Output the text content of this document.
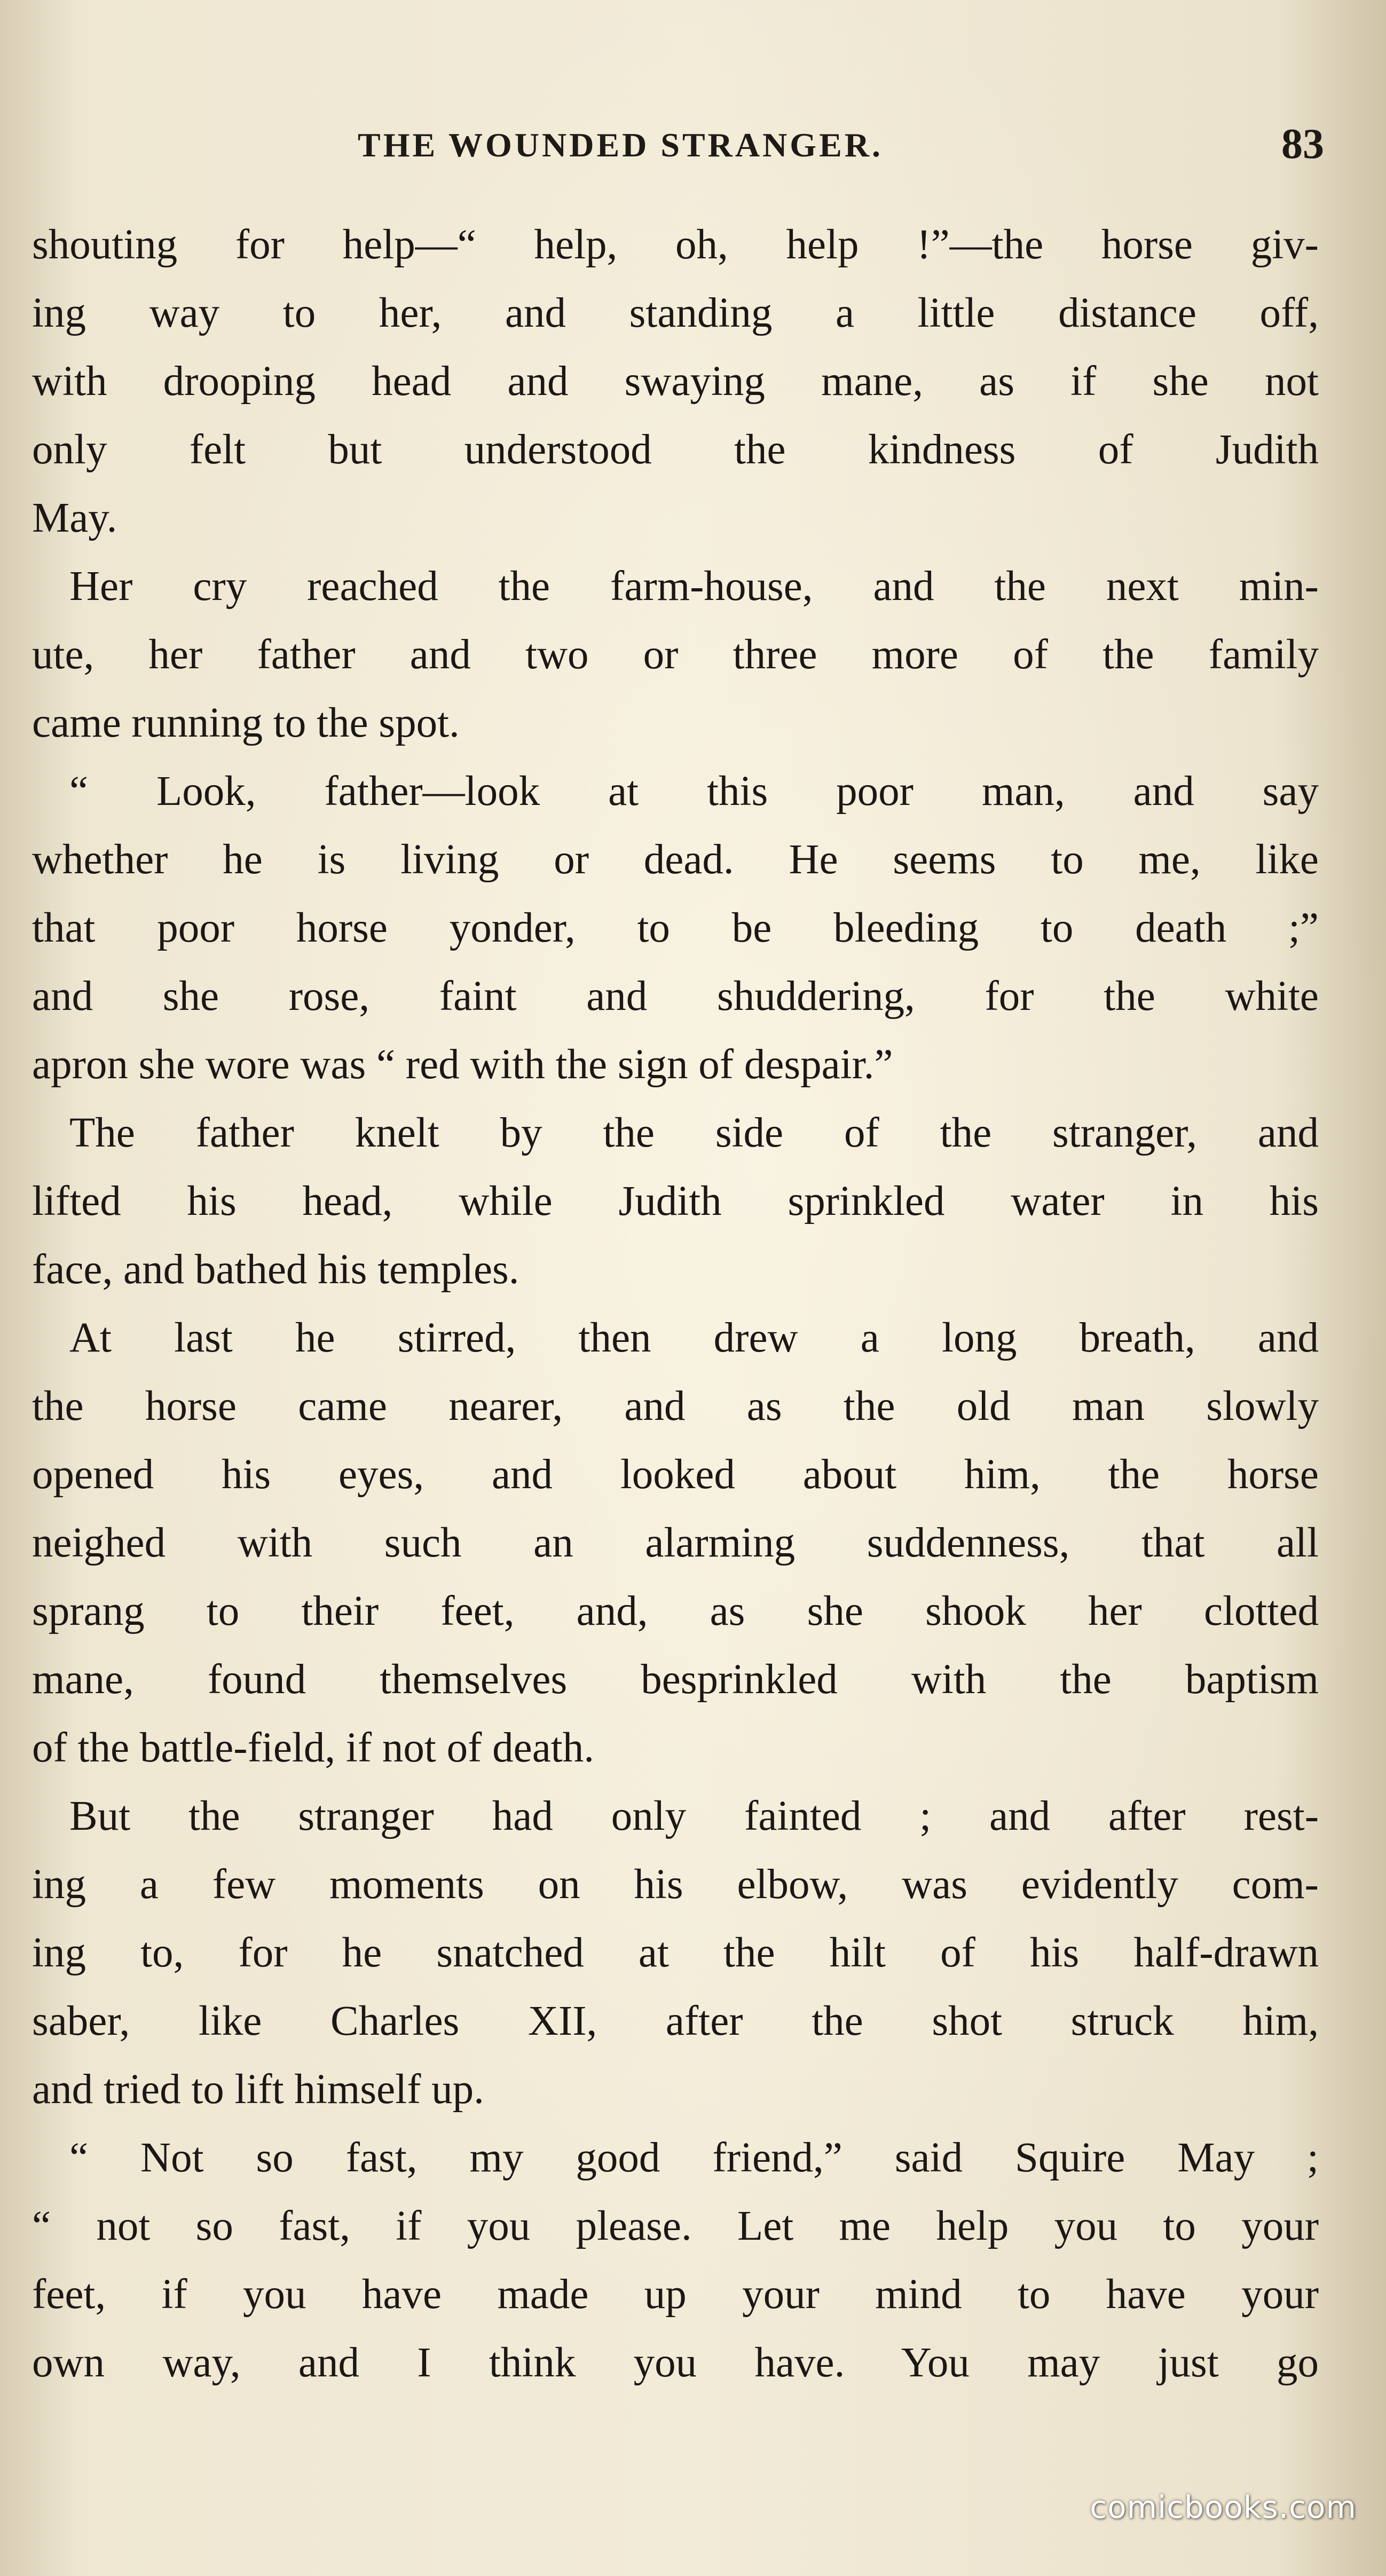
THE WOUNDED STRANGER.	83

shouting for help—“ help, oh, help !”—the horse giv-
ing way to her, and standing a little distance off,
with drooping head and swaying mane, as if she not
only felt but understood the kindness of Judith
May.

Her cry reached the farm-house, and the next min-
ute, her father and two or three more of the family
came running to the spot.

“ Look, father—look at this poor man, and say
whether he is living or dead. He seems to me, like
that poor horse yonder, to be bleeding to death ;”
and she rose, faint and shuddering, for the white
apron she wore was “ red with the sign of despair.”

The father knelt by the side of the stranger, and
lifted his head, while Judith sprinkled water in his
face, and bathed his temples.

At last he stirred, then drew a long breath, and
the horse came nearer, and as the old man slowly
opened his eyes, and looked about him, the horse
neighed with such an alarming suddenness, that all
sprang to their feet, and, as she shook her clotted
mane, found themselves besprinkled with the baptism
of the battle-field, if not of death.

But the stranger had only fainted ; and after rest-
ing a few moments on his elbow, was evidently com-
ing to, for he snatched at the hilt of his half-drawn
saber, like Charles XII, after the shot struck him,
and tried to lift himself up.

“ Not so fast, my good friend,” said Squire May ;
“ not so fast, if you please. Let me help you to your
feet, if you have made up your mind to have your
own way, and I think you have. You may just go

comicbooks.com
